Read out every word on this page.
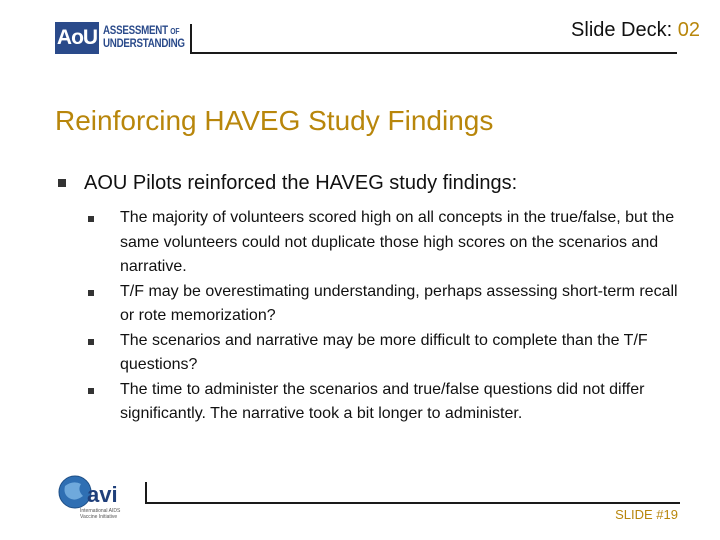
AoU ASSESSMENT OF
UNDERSTANDING
Slide Deck: 02
Reinforcing HAVEG Study Findings
AOU Pilots reinforced the HAVEG study findings:
The majority of volunteers scored high on all concepts in the true/false, but the same volunteers could not duplicate those high scores on the scenarios and narrative.
T/F may be overestimating understanding, perhaps assessing short-term recall or rote memorization?
The scenarios and narrative may be more difficult to complete than the T/F questions?
The time to administer the scenarios and true/false questions did not differ significantly. The narrative took a bit longer to administer.
avi
International AIDS
Vaccine Initiative	SLIDE #19
